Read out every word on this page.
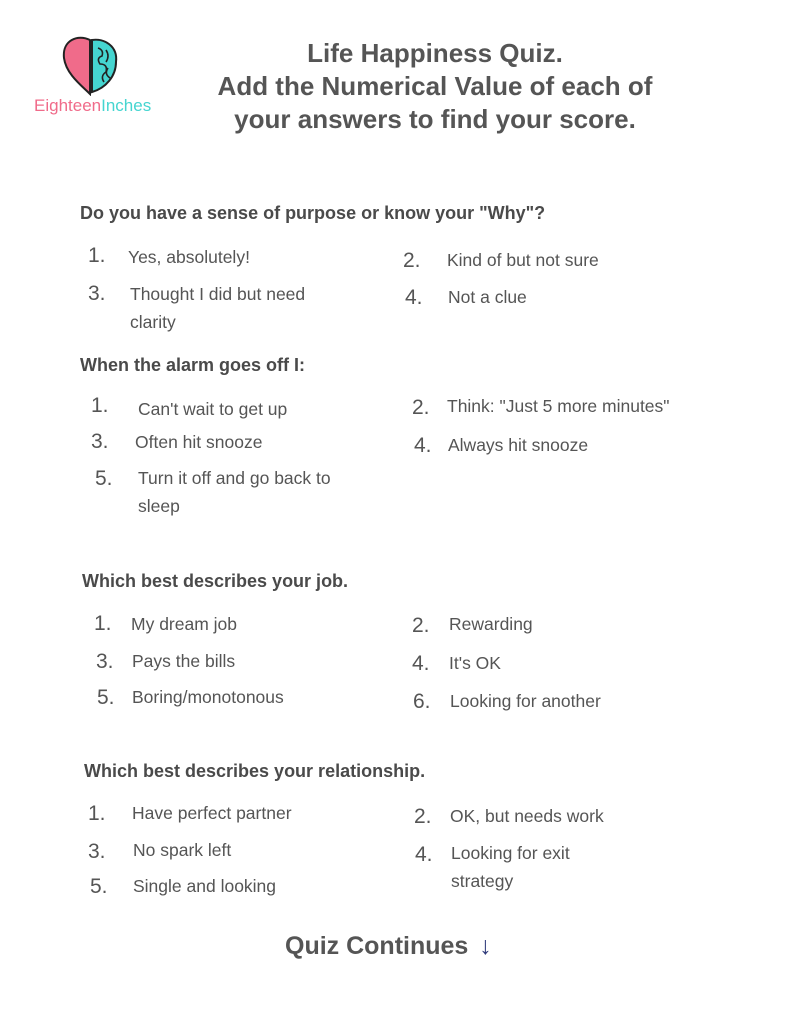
EighteenInches
Life Happiness Quiz.
Add the Numerical Value of each of
your answers to find your score.
Do you have a sense of purpose or know your "Why"?
1. Yes, absolutely!	2. Kind of but not sure
3. Thought I did but need clarity
4. Not a clue
When the alarm goes off I:
1. Can't wait to get up	2. Think: "Just 5 more minutes"
3. Often hit snooze	4. Always hit snooze
5. Turn it off and go back to sleep
Which best describes your job.
1. My dream job	2. Rewarding
3. Pays the bills	4. It's OK
5. Boring/monotonous	6. Looking for another
Which best describes your relationship.
1. Have perfect partner	2. OK, but needs work
3. No spark left	4. Looking for exit strategy
5. Single and looking
Quiz Continues ↓
